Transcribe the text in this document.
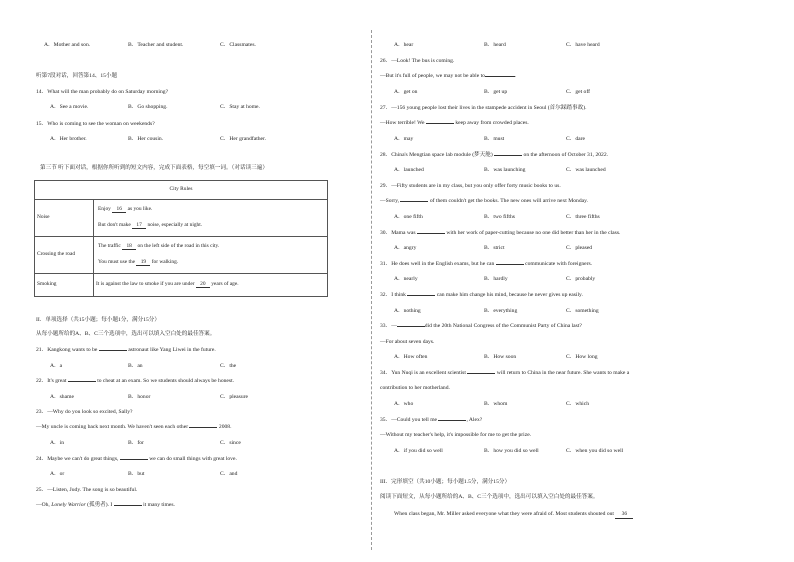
A．Mother and son.	B．Teacher and student.	C．Classmates.
听第7段对话，回答第14、15小题
14．What will the man probably do on Saturday morning?
A．See a movie.	B．Go shopping.	C．Stay at home.
15．Who is coming to see the woman on weekends?
A．Her brother.	B．Her cousin.	C．Her grandfather.
第三节 听下面对话，根据你所听到的短文内容，完成下面表格，每空填一词。（对话读三遍）
City Rules	
Noise	Enjoy 16 as you like.
But don't make 17 noise, especially at night.

Crossing the road	The traffic 18 on the left side of the road in this city.
You must use the 19 for walking.

Smoking	It is against the law to smoke if you are under 20 years of age.
II．单项选择（共15小题；每小题1分，满分15分）
从每小题所给的A、B、C三个选项中，选出可以填入空白处的最佳答案。
21．Kangkong wants to be	astronaut like Yang Liwei in the future.
A．a	B．an	C．the
22．It's great	to cheat at an exam. So we students should always be honest.
A．shame	B．honor	C．pleasure
23．—Why do you look so excited, Sally?
—My uncle is coming back next month. We haven't seen each other	2008.
A．in	B．for	C．since
24．Maybe we can't do great things,	we can do small things with great love.
A．or	B．but	C．and
25．—Listen, Judy. The song is so beautiful.
—Oh, Lonely Warrior (孤勇者). I	it many times.
A．hear	B．heard	C．have heard
26．—Look! The bus is coming.
—But it's full of people, we may not be able to	.
A．get on	B．get up	C．get off
27．—156 young people lost their lives in the stampede accident in Seoul (首尔踩踏事故).
—How terrible! We	keep away from crowded places.
A．may	B．must	C．dare
28．China's Mengtian space lab module (梦天舱)	on the afternoon of October 31, 2022.
A．launched	B．was launching	C．was launched
29．—Fifty students are in my class, but you only offer forty music books to us.
—Sorry,	of them couldn't get the books. The new ones will arrive next Monday.
A．one fifth	B．two fifths	C．three fifths
30．Mama was	with her work of paper-cutting because no one did better than her in the class.
A．angry	B．strict	C．pleased
31．He does well in the English exams, but he can	communicate with foreigners.
A．nearly	B．hardly	C．probably
32．I think	can make him change his mind, because he never gives up easily.
A．nothing	B．everything	C．something
33．—	did the 20th National Congress of the Communist Party of China last?
—For about seven days.
A．How often	B．How soon	C．How long
34．Yun Nuqi is an excellent scientist	will return to China in the near future. She wants to make a
contribution to her motherland.
A．who	B．whom	C．which
35．—Could you tell me	, Alex?
—Without my teacher's help, it's impossible for me to get the prize.
A．if you did so well	B．how you did so well	C．when you did so well
III．完形填空（共10小题；每小题1.5分，满分15分）
阅读下面短文，从每小题所给的A、B、C三个选项中，选出可以填入空白处的最佳答案。
When class began, Mr. Miller asked everyone what they were afraid of. Most students shouted out 36
